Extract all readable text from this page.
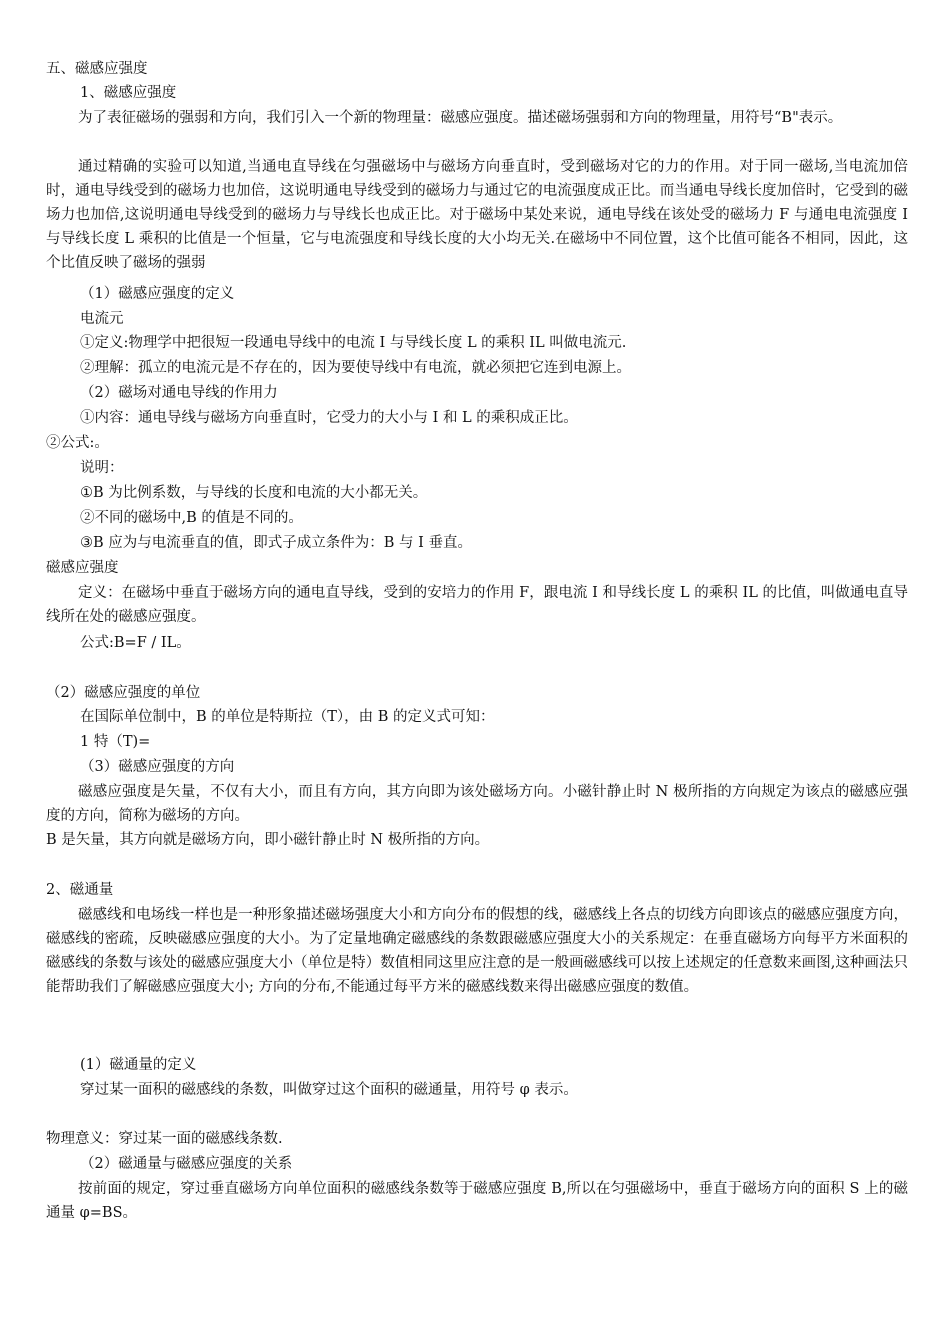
五、磁感应强度
1、磁感应强度
为了表征磁场的强弱和方向，我们引入一个新的物理量：磁感应强度。描述磁场强弱和方向的物理量，用符号“B"表示。
通过精确的实验可以知道,当通电直导线在匀强磁场中与磁场方向垂直时，受到磁场对它的力的作用。对于同一磁场,当电流加倍时，通电导线受到的磁场力也加倍，这说明通电导线受到的磁场力与通过它的电流强度成正比。而当通电导线长度加倍时，它受到的磁场力也加倍,这说明通电导线受到的磁场力与导线长也成正比。对于磁场中某处来说，通电导线在该处受的磁场力 F 与通电电流强度 I 与导线长度 L 乘积的比值是一个恒量，它与电流强度和导线长度的大小均无关.在磁场中不同位置，这个比值可能各不相同，因此，这个比值反映了磁场的强弱
（1）磁感应强度的定义
电流元
①定义:物理学中把很短一段通电导线中的电流 I 与导线长度 L 的乘积 IL 叫做电流元.
②理解：孤立的电流元是不存在的，因为要使导线中有电流，就必须把它连到电源上。
（2）磁场对通电导线的作用力
①内容：通电导线与磁场方向垂直时，它受力的大小与 I 和 L 的乘积成正比。
②公式:。
说明：
①B 为比例系数，与导线的长度和电流的大小都无关。
②不同的磁场中,B 的值是不同的。
③B 应为与电流垂直的值，即式子成立条件为：B 与 I 垂直。
磁感应强度
定义：在磁场中垂直于磁场方向的通电直导线，受到的安培力的作用 F，跟电流 I 和导线长度 L 的乘积 IL 的比值，叫做通电直导线所在处的磁感应强度。
公式:B=F / IL。
（2）磁感应强度的单位
在国际单位制中，B 的单位是特斯拉（T），由 B 的定义式可知：
1 特（T)=
（3）磁感应强度的方向
磁感应强度是矢量，不仅有大小，而且有方向，其方向即为该处磁场方向。小磁针静止时 N 极所指的方向规定为该点的磁感应强度的方向，简称为磁场的方向。
B 是矢量，其方向就是磁场方向，即小磁针静止时 N 极所指的方向。
2、磁通量
磁感线和电场线一样也是一种形象描述磁场强度大小和方向分布的假想的线，磁感线上各点的切线方向即该点的磁感应强度方向，磁感线的密疏，反映磁感应强度的大小。为了定量地确定磁感线的条数跟磁感应强度大小的关系规定：在垂直磁场方向每平方米面积的磁感线的条数与该处的磁感应强度大小（单位是特）数值相同这里应注意的是一般画磁感线可以按上述规定的任意数来画图,这种画法只能帮助我们了解磁感应强度大小; 方向的分布,不能通过每平方米的磁感线数来得出磁感应强度的数值。
(1）磁通量的定义
穿过某一面积的磁感线的条数，叫做穿过这个面积的磁通量，用符号 φ 表示。
物理意义：穿过某一面的磁感线条数.
（2）磁通量与磁感应强度的关系
按前面的规定，穿过垂直磁场方向单位面积的磁感线条数等于磁感应强度 B,所以在匀强磁场中，垂直于磁场方向的面积 S 上的磁通量 φ=BS。
